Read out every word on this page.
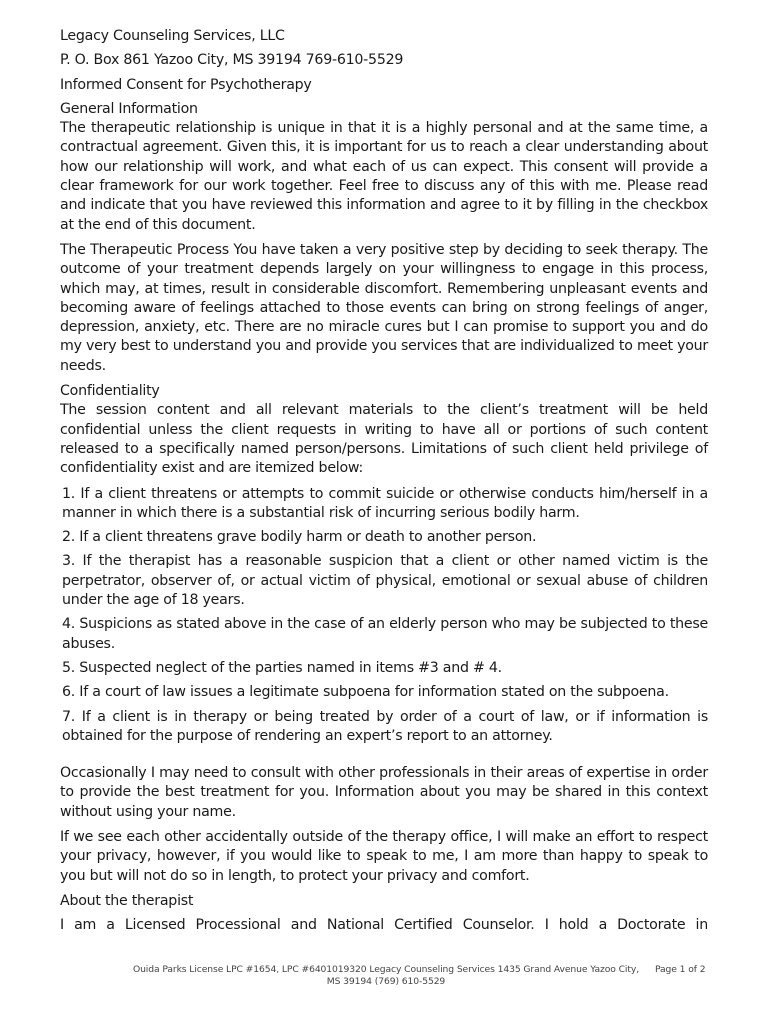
Legacy Counseling Services, LLC

P. O. Box 861 Yazoo City, MS 39194 769-610-5529

Informed Consent for Psychotherapy

General Information

The therapeutic relationship is unique in that it is a highly personal and at the same time, a contractual agreement. Given this, it is important for us to reach a clear understanding about how our relationship will work, and what each of us can expect. This consent will provide a clear framework for our work together. Feel free to discuss any of this with me. Please read and indicate that you have reviewed this information and agree to it by filling in the checkbox at the end of this document.

The Therapeutic Process You have taken a very positive step by deciding to seek therapy. The outcome of your treatment depends largely on your willingness to engage in this process, which may, at times, result in considerable discomfort. Remembering unpleasant events and becoming aware of feelings attached to those events can bring on strong feelings of anger, depression, anxiety, etc. There are no miracle cures but I can promise to support you and do my very best to understand you and provide you services that are individualized to meet your needs.

Confidentiality

The session content and all relevant materials to the client’s treatment will be held confidential unless the client requests in writing to have all or portions of such content released to a specifically named person/persons. Limitations of such client held privilege of confidentiality exist and are itemized below:

1. If a client threatens or attempts to commit suicide or otherwise conducts him/herself in a manner in which there is a substantial risk of incurring serious bodily harm.
2. If a client threatens grave bodily harm or death to another person.
3. If the therapist has a reasonable suspicion that a client or other named victim is the perpetrator, observer of, or actual victim of physical, emotional or sexual abuse of children under the age of 18 years.
4. Suspicions as stated above in the case of an elderly person who may be subjected to these abuses.
5. Suspected neglect of the parties named in items #3 and # 4.
6. If a court of law issues a legitimate subpoena for information stated on the subpoena.
7. If a client is in therapy or being treated by order of a court of law, or if information is obtained for the purpose of rendering an expert’s report to an attorney.

Occasionally I may need to consult with other professionals in their areas of expertise in order to provide the best treatment for you. Information about you may be shared in this context without using your name.

If we see each other accidentally outside of the therapy office, I will make an effort to respect your privacy, however, if you would like to speak to me, I am more than happy to speak to you but will not do so in length, to protect your privacy and comfort.

About the therapist

I am a Licensed Processional and National Certified Counselor. I hold a Doctorate in

Ouida Parks License LPC #1654, LPC #6401019320 Legacy Counseling Services 1435 Grand Avenue Yazoo City,
MS 39194 (769) 610-5529
Page 1 of 2
